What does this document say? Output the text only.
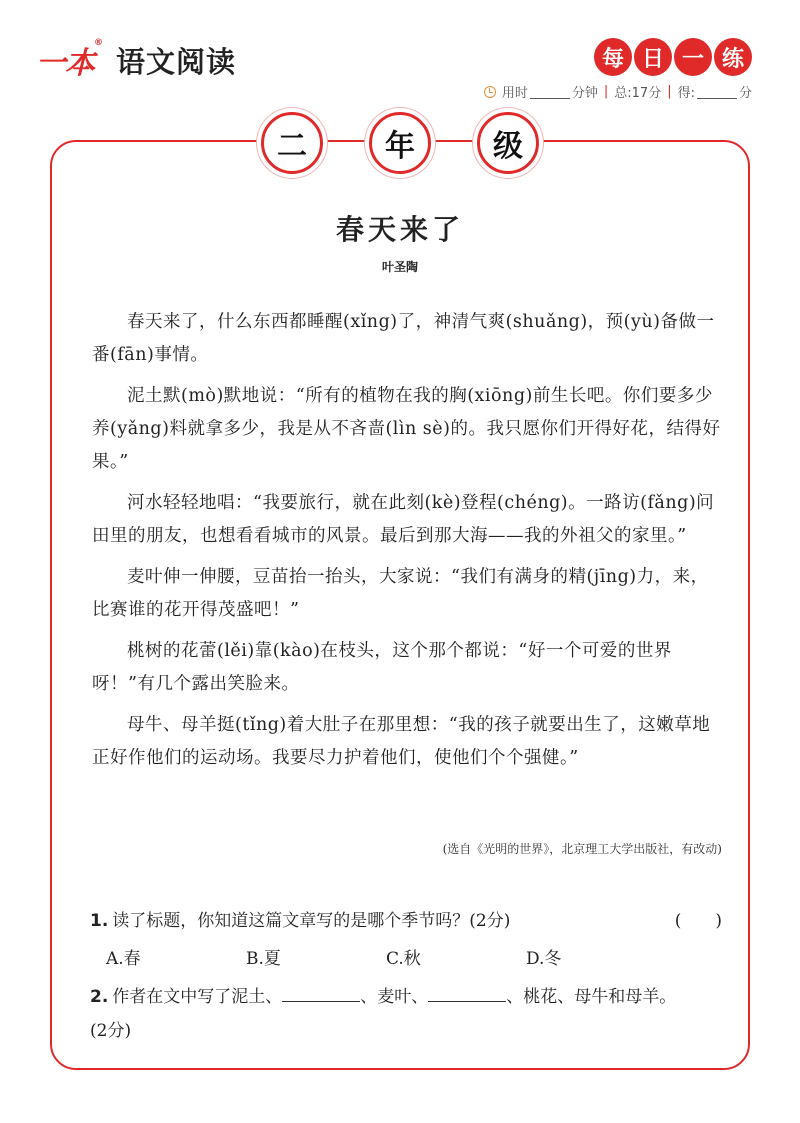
一本
®
语文阅读	每 日 一 练
用时	分钟 | 总:17分 | 得:	分
二	年	级
春天来了
叶圣陶

春天来了，什么东西都睡醒(xǐng)了，神清气爽(shuǎng)，预(yù)备做一番(fān)事情。

泥土默(mò)默地说：“所有的植物在我的胸(xiōng)前生长吧。你们要多少养(yǎng)料就拿多少，我是从不吝啬(lìn sè)的。我只愿你们开得好花，结得好果。”

河水轻轻地唱：“我要旅行，就在此刻(kè)登程(chéng)。一路访(fǎng)问田里的朋友，也想看看城市的风景。最后到那大海——我的外祖父的家里。”

麦叶伸一伸腰，豆苗抬一抬头，大家说：“我们有满身的精(jīng)力，来，比赛谁的花开得茂盛吧！”

桃树的花蕾(lěi)靠(kào)在枝头，这个那个都说：“好一个可爱的世界呀！”有几个露出笑脸来。

母牛、母羊挺(tǐng)着大肚子在那里想：“我的孩子就要出生了，这嫩草地正好作他们的运动场。我要尽力护着他们，使他们个个强健。”

(选自《光明的世界》，北京理工大学出版社，有改动)
1. 读了标题，你知道这篇文章写的是哪个季节吗？(2分)	(　　)
A.春	B.夏	C.秋	D.冬
2. 作者在文中写了泥土、	、麦叶、	、桃花、母牛和母羊。
(2分)
